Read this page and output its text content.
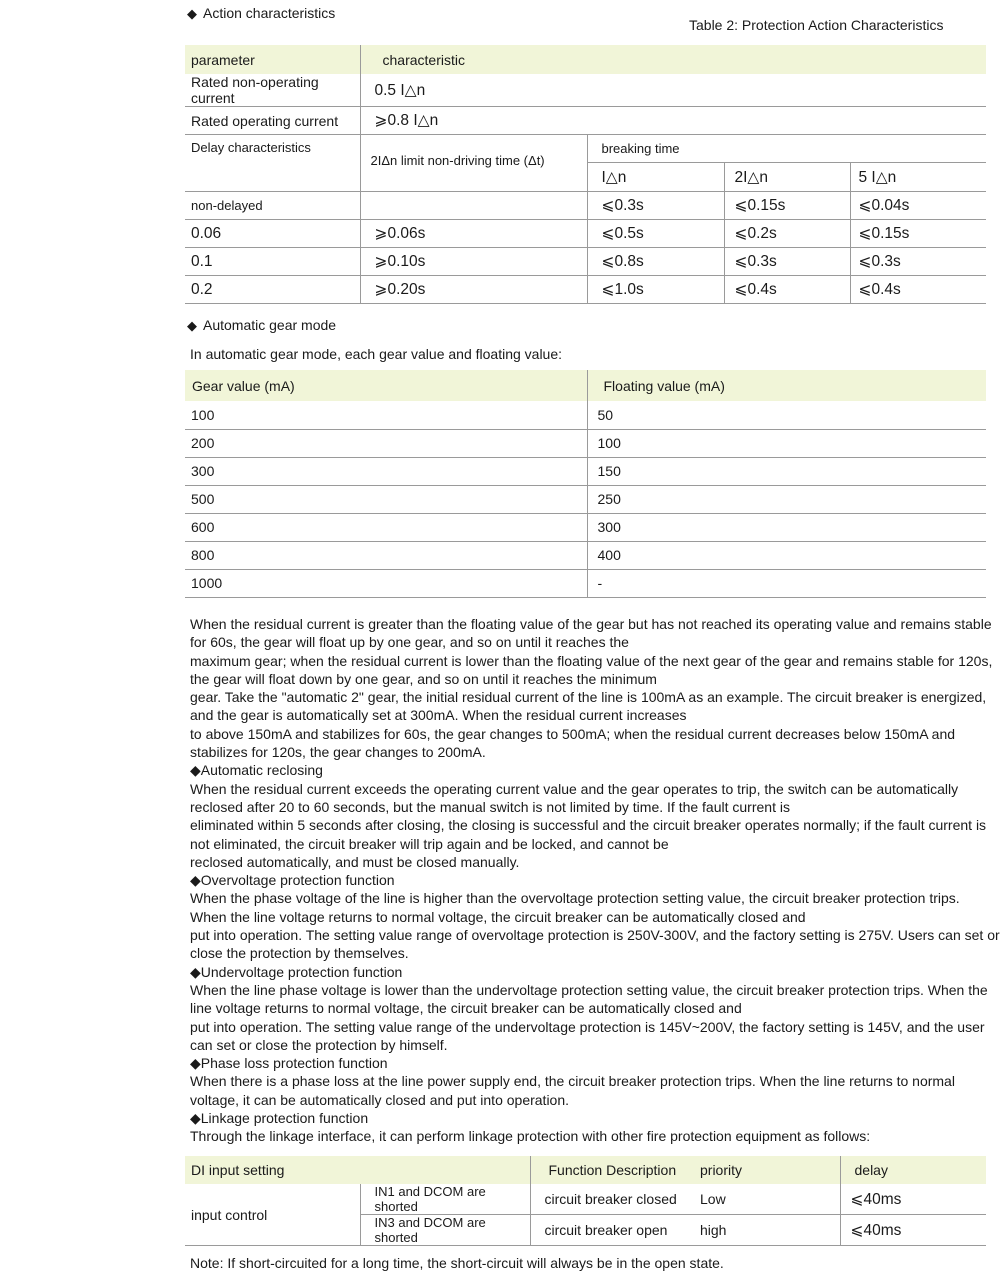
◆ Action characteristics
Table 2: Protection Action Characteristics
parameter	characteristic			
Rated non-operating current	0.5 I△n			
Rated operating current	⩾0.8 I△n			
Delay characteristics	2IΔn limit non-driving time (Δt)	breaking time		
		I△n	2I△n	5 I△n
non-delayed		⩽0.3s	⩽0.15s	⩽0.04s
0.06	⩾0.06s	⩽0.5s	⩽0.2s	⩽0.15s
0.1	⩾0.10s	⩽0.8s	⩽0.3s	⩽0.3s
0.2	⩾0.20s	⩽1.0s	⩽0.4s	⩽0.4s
◆ Automatic gear mode
In automatic gear mode, each gear value and floating value:
Gear value (mA)	Floating value (mA)
100	50
200	100
300	150
500	250
600	300
800	400
1000	-

When the residual current is greater than the floating value of the gear but has not reached its operating value and remains stable for 60s, the gear will float up by one gear, and so on until it reaches the

maximum gear; when the residual current is lower than the floating value of the next gear of the gear and remains stable for 120s, the gear will float down by one gear, and so on until it reaches the minimum

gear. Take the "automatic 2" gear, the initial residual current of the line is 100mA as an example. The circuit breaker is energized, and the gear is automatically set at 300mA. When the residual current increases

to above 150mA and stabilizes for 60s, the gear changes to 500mA; when the residual current decreases below 150mA and stabilizes for 120s, the gear changes to 200mA.

◆Automatic reclosing

When the residual current exceeds the operating current value and the gear operates to trip, the switch can be automatically reclosed after 20 to 60 seconds, but the manual switch is not limited by time. If the fault current is

eliminated within 5 seconds after closing, the closing is successful and the circuit breaker operates normally; if the fault current is not eliminated, the circuit breaker will trip again and be locked, and cannot be

reclosed automatically, and must be closed manually.

◆Overvoltage protection function

When the phase voltage of the line is higher than the overvoltage protection setting value, the circuit breaker protection trips. When the line voltage returns to normal voltage, the circuit breaker can be automatically closed and

put into operation. The setting value range of overvoltage protection is 250V-300V, and the factory setting is 275V. Users can set or close the protection by themselves.

◆Undervoltage protection function

When the line phase voltage is lower than the undervoltage protection setting value, the circuit breaker protection trips. When the line voltage returns to normal voltage, the circuit breaker can be automatically closed and

put into operation. The setting value range of the undervoltage protection is 145V~200V, the factory setting is 145V, and the user can set or close the protection by himself.

◆Phase loss protection function

When there is a phase loss at the line power supply end, the circuit breaker protection trips. When the line returns to normal voltage, it can be automatically closed and put into operation.

◆Linkage protection function

Through the linkage interface, it can perform linkage protection with other fire protection equipment as follows:

DI input setting		Function Description	priority	delay
input control	IN1 and DCOM are shorted	circuit breaker closed	Low	⩽40ms
	IN3 and DCOM are shorted	circuit breaker open	high	⩽40ms
Note: If short-circuited for a long time, the short-circuit will always be in the open state.
